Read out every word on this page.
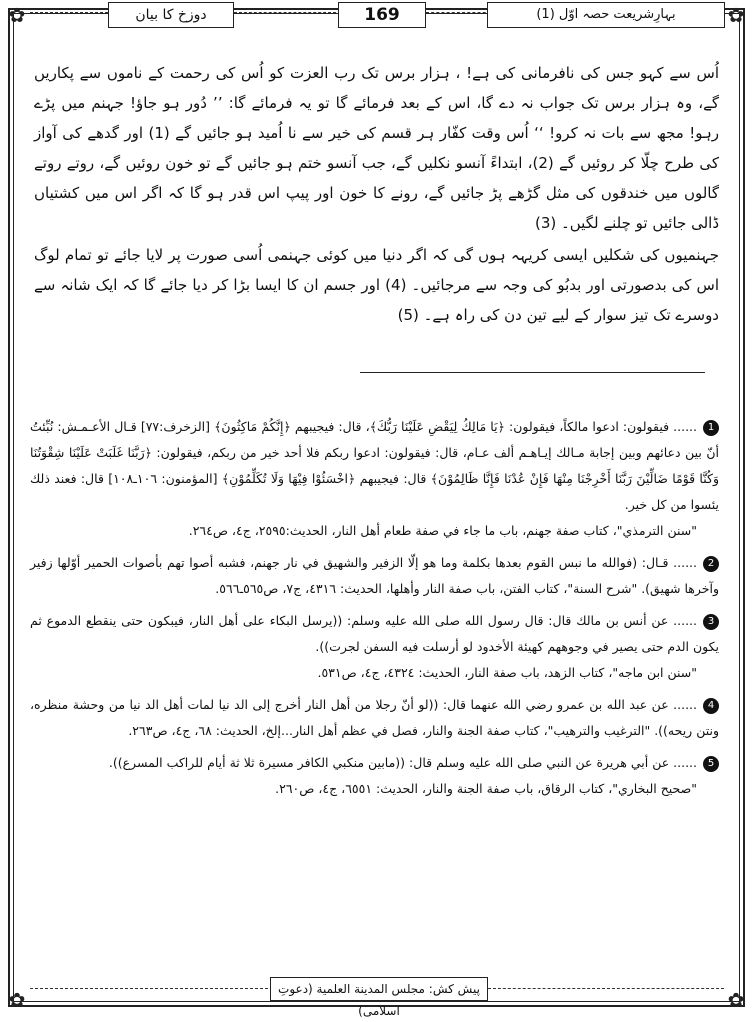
✿	✿
✿	✿
دوزخ کا بیان	169	بہارِشریعت حصہ اوّل (1)

اُس سے کہو جس کی نافرمانی کی ہے! ، ہزار برس تک رب العزت کو اُس کی رحمت کے ناموں سے پکاریں گے، وہ ہزار برس تک جواب نہ دے گا، اس کے بعد فرمائے گا تو یہ فرمائے گا: ’’ دُور ہو جاؤ! جہنم میں پڑے رہو! مجھ سے بات نہ کرو! ‘‘ اُس وقت کفّار ہر قسم کی خیر سے نا اُمید ہو جائیں گے (1) اور گدھے کی آواز کی طرح چلّا کر روئیں گے (2)، ابتداءً آنسو نکلیں گے، جب آنسو ختم ہو جائیں گے تو خون روئیں گے، روتے روتے گالوں میں خندقوں کی مثل گڑھے پڑ جائیں گے، رونے کا خون اور پیپ اس قدر ہو گا کہ اگر اس میں کشتیاں ڈالی جائیں تو چلنے لگیں۔ (3)

جہنمیوں کی شکلیں ایسی کریہہ ہوں گی کہ اگر دنیا میں کوئی جہنمی اُسی صورت پر لایا جائے تو تمام لوگ اس کی بدصورتی اور بدبُو کی وجہ سے مرجائیں۔ (4) اور جسم ان کا ایسا بڑا کر دیا جائے گا کہ ایک شانہ سے دوسرے تک تیز سوار کے لیے تین دن کی راہ ہے۔ (5)

1...... فیقولون: ادعوا مالکاً، فیقولون: ﴿يَا مَالِكُ لِيَقْضِ عَلَيْنَا رَبُّكَ﴾، قال: فيجيبهم ﴿إِنَّكُمْ مَاكِثُونَ﴾ [الزخرف:٧٧] قـال الأعـمـش: نُبِّئتُ أنّ بين دعائهم وبين إجابة مـالك إيـاهـم ألف عـام، قال: فيقولون: ادعوا ربكم فلا أحد خير من ربكم، فيقولون: ﴿رَبَّنَا غَلَبَتْ عَلَيْنَا شِقْوَتُنَا وَكُنَّا قَوْمًا ضَالِّيْنَ رَبَّنَا أَخْرِجْنَا مِنْهَا فَإِنْ عُدْنَا فَإِنَّا ظَالِمُوْنَ﴾ قال: فيجيبهم ﴿اخْسَئُوْا فِيْهَا وَلَا تُكَلِّمُوْنِ﴾ [المؤمنون: ١٠٦ـ١٠٨] قال: فعند ذلك يئسوا من كل خير.

"سنن الترمذي"، كتاب صفة جهنم، باب ما جاء في صفة طعام أهل النار، الحديث:٢٥٩٥، ج٤، ص٢٦٤.

2...... قـال: (فوالله ما نبس القوم بعدها بكلمة وما هو إلّا الزفير والشهيق في نار جهنم، فشبه أصوا تهم بأصوات الحمير أوّلها زفير وآخرها شهيق). "شرح السنة"، كتاب الفتن، باب صفة النار وأهلها، الحديث: ٤٣١٦، ج٧، ص٥٦٥ـ٥٦٦.

3...... عن أنس بن مالك قال: قال رسول الله صلى الله عليه وسلم: ((يرسل البكاء على أهل النار، فيبكون حتى ينقطع الدموع ثم يكون الدم حتى يصير في وجوههم كهيئة الأخدود لو أرسلت فيه السفن لجرت)).

"سنن ابن ماجه"، كتاب الزهد، باب صفة النار، الحديث: ٤٣٢٤، ج٤، ص٥٣١.

4...... عن عبد الله بن عمرو رضي الله عنهما قال: ((لو أنّ رجلا من أهل النار أخرج إلى الد نيا لمات أهل الد نيا من وحشة منظره، ونتن ريحه)). "الترغيب والترهيب"، كتاب صفة الجنة والنار، فصل في عظم أهل النار...إلخ، الحديث: ٦٨، ج٤، ص٢٦٣.

5...... عن أبي هريرة عن النبي صلى الله عليه وسلم قال: ((مابين منكبي الكافر مسيرة ثلا ثة أيام للراكب المسرع)).

"صحيح البخاري"، كتاب الرقاق، باب صفة الجنة والنار، الحديث: ٦٥٥١، ج٤، ص٢٦٠.

پیش کش: مجلس المدينة العلمية (دعوتِ اسلامی)
